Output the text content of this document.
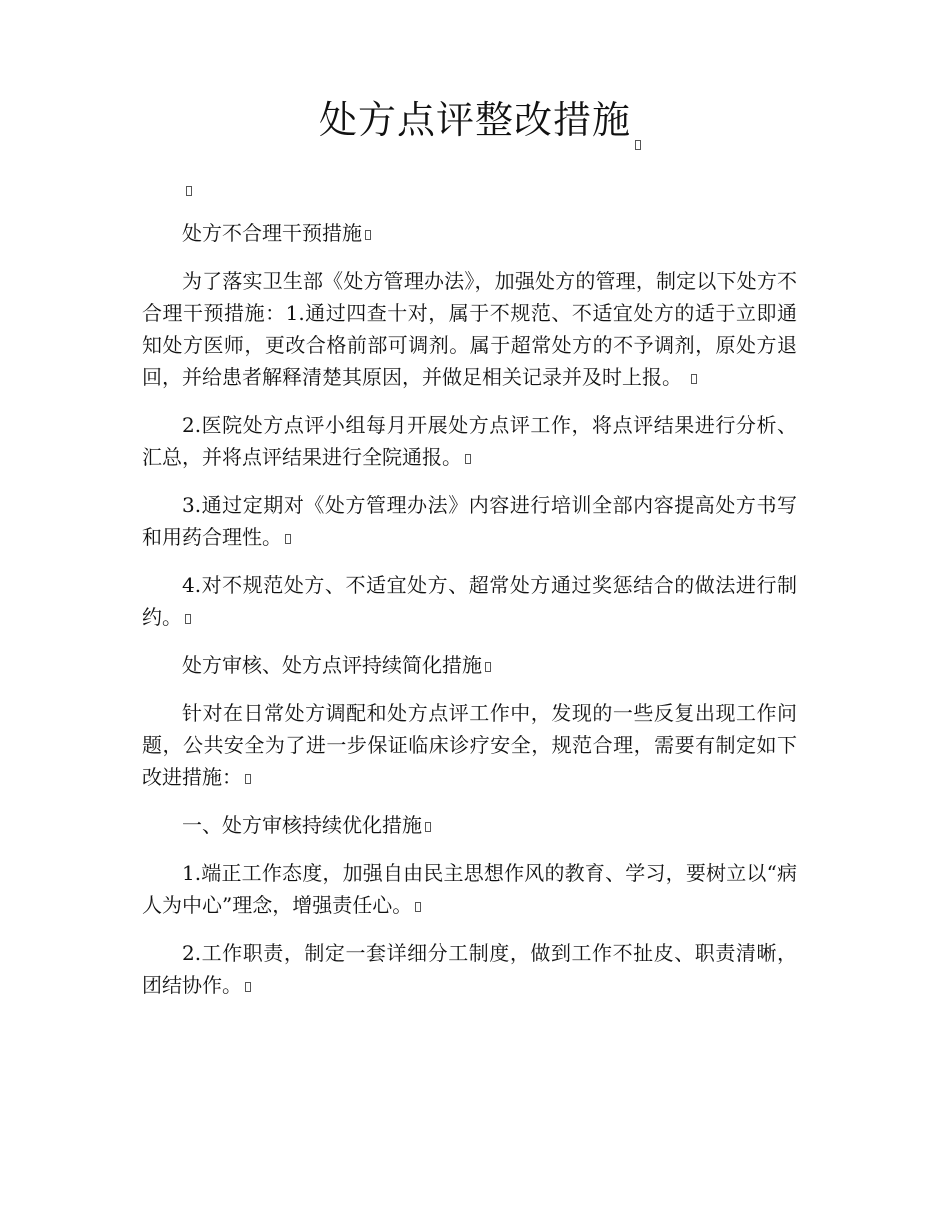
处方点评整改措施

处方不合理干预措施

为了落实卫生部《处方管理办法》，加强处方的管理，制定以下处方不合理干预措施：1.通过四查十对，属于不规范、不适宜处方的适于立即通知处方医师，更改合格前部可调剂。属于超常处方的不予调剂，原处方退回，并给患者解释清楚其原因，并做足相关记录并及时上报。

2.医院处方点评小组每月开展处方点评工作，将点评结果进行分析、汇总，并将点评结果进行全院通报。

3.通过定期对《处方管理办法》内容进行培训全部内容提高处方书写和用药合理性。

4.对不规范处方、不适宜处方、超常处方通过奖惩结合的做法进行制约。

处方审核、处方点评持续简化措施

针对在日常处方调配和处方点评工作中，发现的一些反复出现工作问题，公共安全为了进一步保证临床诊疗安全，规范合理，需要有制定如下改进措施：

一、处方审核持续优化措施

1.端正工作态度，加强自由民主思想作风的教育、学习，要树立以“病人为中心”理念，增强责任心。

2.工作职责，制定一套详细分工制度，做到工作不扯皮、职责清晰，团结协作。
